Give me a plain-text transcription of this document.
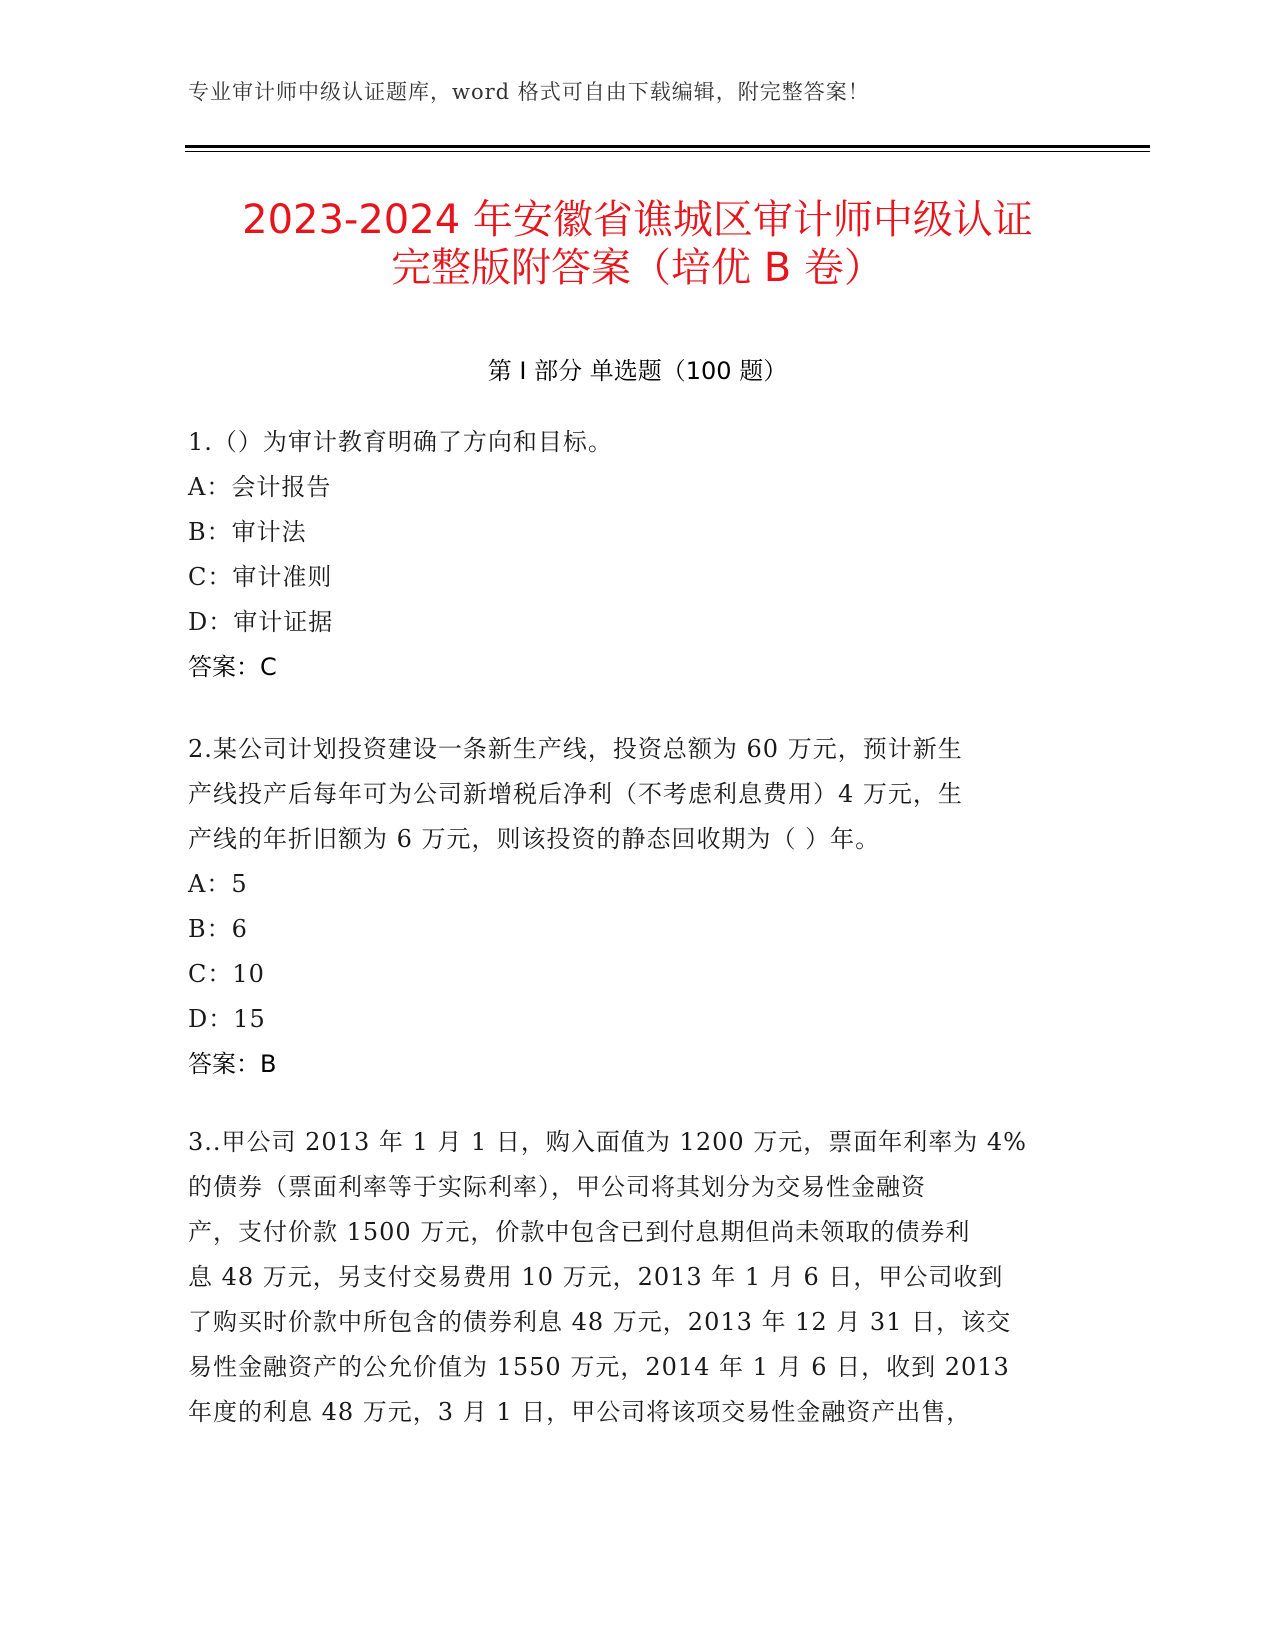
专业审计师中级认证题库，word 格式可自由下载编辑，附完整答案！
2023-2024 年安徽省谯城区审计师中级认证
完整版附答案（培优 B 卷）
第 I 部分 单选题（100 题）

1.（）为审计教育明确了方向和目标。

A：会计报告

B：审计法

C：审计准则

D：审计证据

答案：C

2.某公司计划投资建设一条新生产线，投资总额为 60 万元，预计新生

产线投产后每年可为公司新增税后净利（不考虑利息费用）4 万元，生

产线的年折旧额为 6 万元，则该投资的静态回收期为（ ）年。

A：5

B：6

C：10

D：15

答案：B

3..甲公司 2013 年 1 月 1 日，购入面值为 1200 万元，票面年利率为 4%

的债券（票面利率等于实际利率），甲公司将其划分为交易性金融资

产，支付价款 1500 万元，价款中包含已到付息期但尚未领取的债券利

息 48 万元，另支付交易费用 10 万元，2013 年 1 月 6 日，甲公司收到

了购买时价款中所包含的债券利息 48 万元，2013 年 12 月 31 日，该交

易性金融资产的公允价值为 1550 万元，2014 年 1 月 6 日，收到 2013

年度的利息 48 万元，3 月 1 日，甲公司将该项交易性金融资产出售，
